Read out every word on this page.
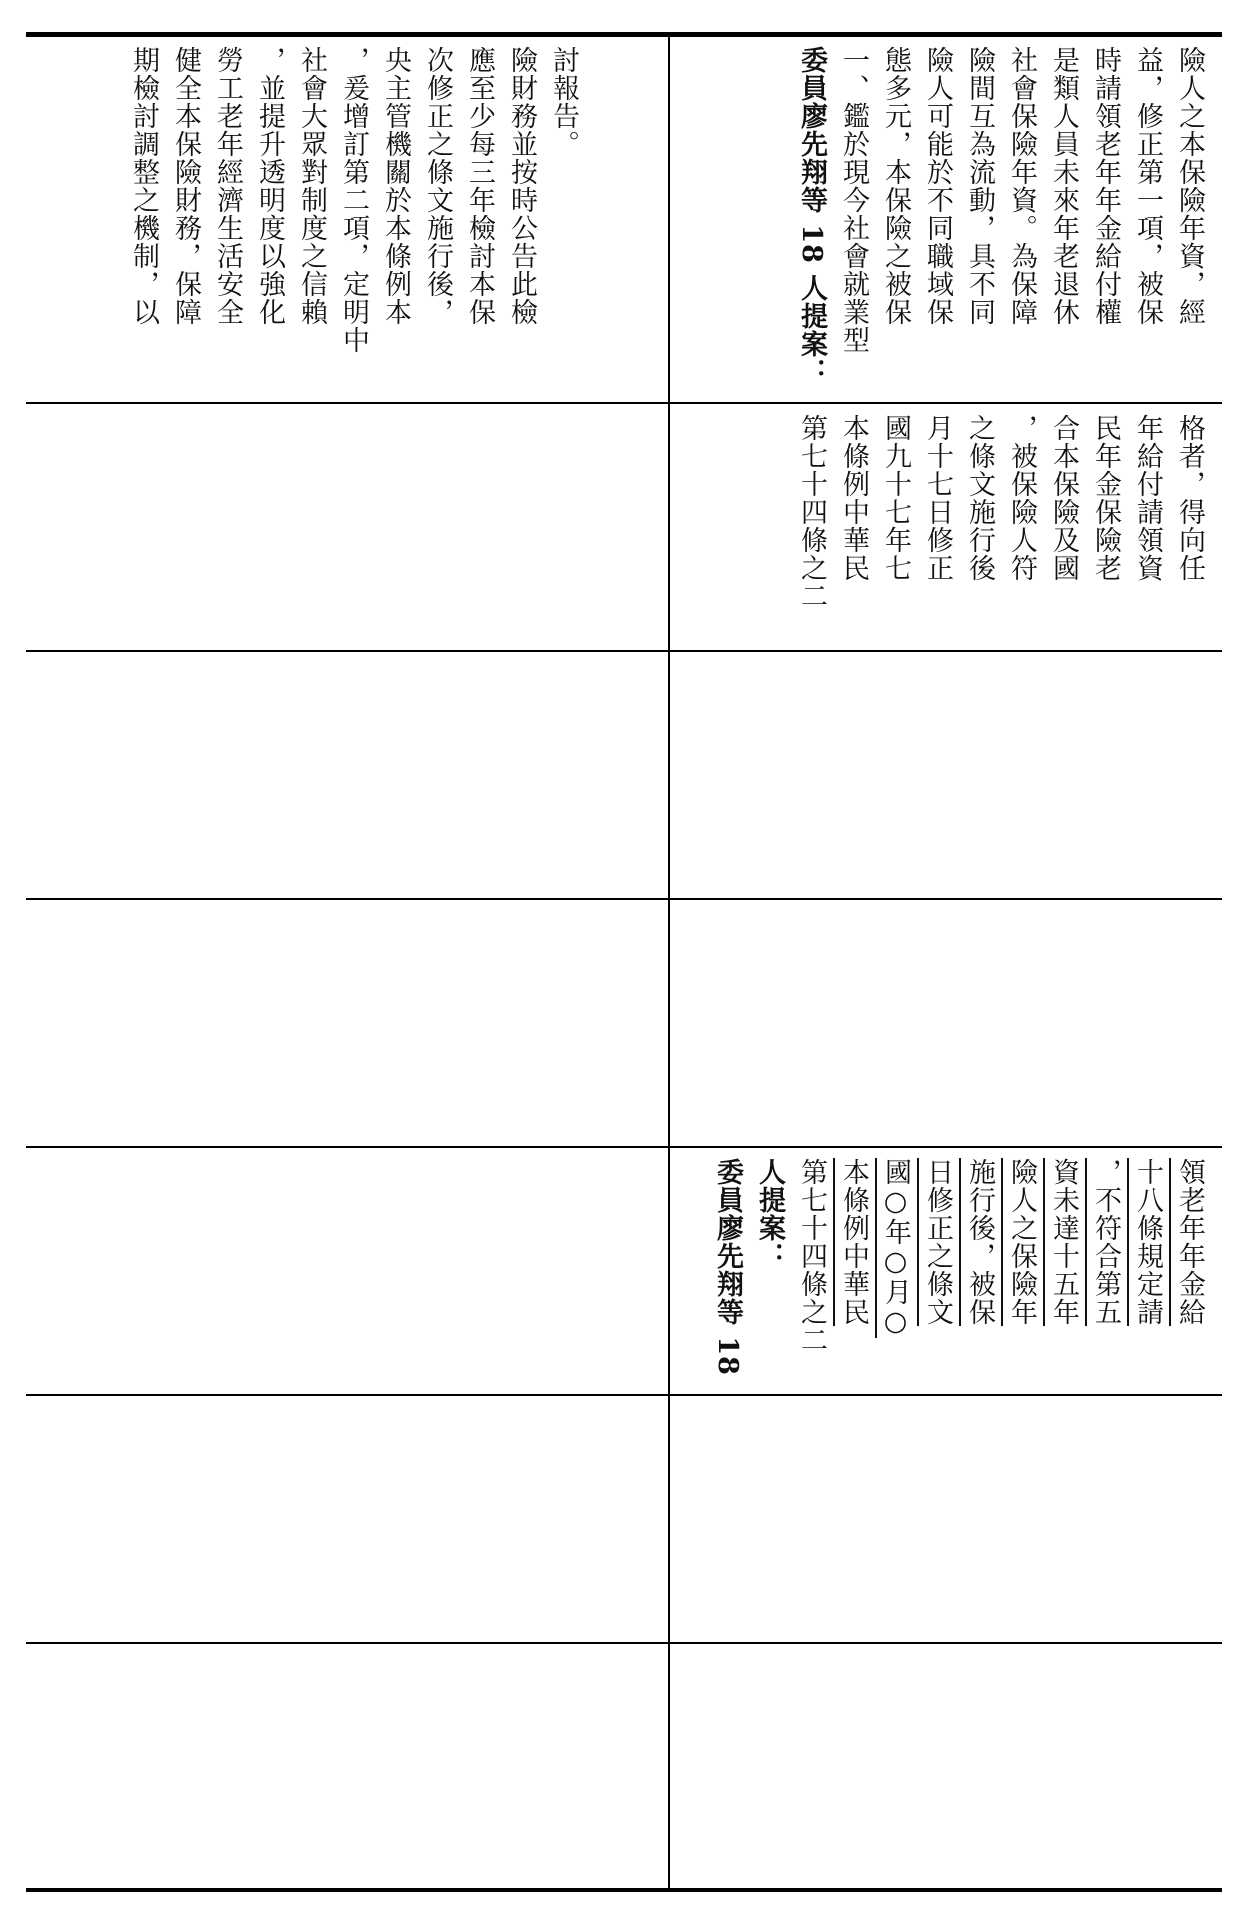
討報告。
險財務並按時公告此檢
應至少每三年檢討本保
次修正之條文施行後，
央主管機關於本條例本
，爰增訂第二項，定明中
社會大眾對制度之信賴
，並提升透明度以強化
勞工老年經濟生活安全
健全本保險財務，保障
期檢討調整之機制，以	險人之本保險年資，經
益，修正第一項，被保
時請領老年年金給付權
是類人員未來年老退休
社會保險年資。為保障
險間互為流動，具不同
險人可能於不同職域保
態多元，本保險之被保
一、鑑於現今社會就業型
委員廖先翔等 18 人提案：
格者，得向任
年給付請領資
民年金保險老
合本保險及國
，被保險人符
之條文施行後
月十七日修正
國九十七年七
本條例中華民
第七十四條之二
領老年年金給
十八條規定請
，不符合第五
資未達十五年
險人之保險年
施行後，被保
日修正之條文
國○年○月○
本條例中華民
第七十四條之二
人提案：
委員廖先翔等 18
